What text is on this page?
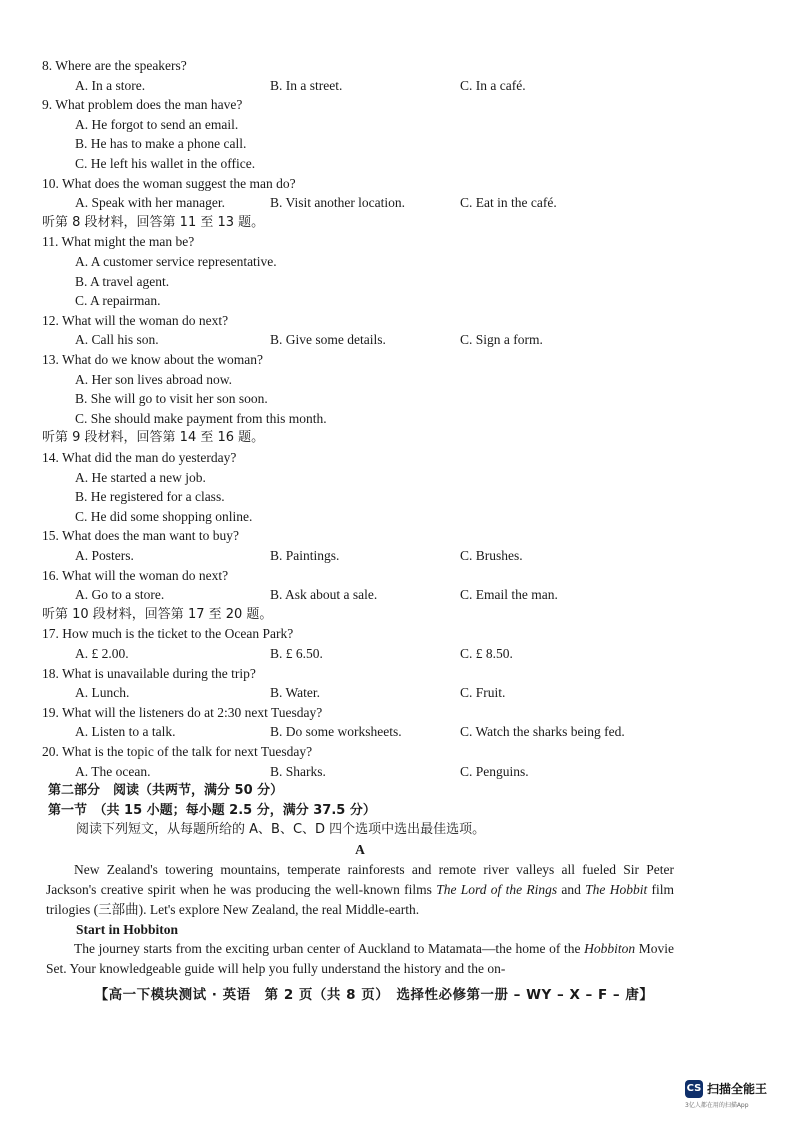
8. Where are the speakers?
A. In a store.	B. In a street.	C. In a café.
9. What problem does the man have?
A. He forgot to send an email.
B. He has to make a phone call.
C. He left his wallet in the office.
10. What does the woman suggest the man do?
A. Speak with her manager.	B. Visit another location.	C. Eat in the café.
听第 8 段材料，回答第 11 至 13 题。
11. What might the man be?
A. A customer service representative.
B. A travel agent.
C. A repairman.
12. What will the woman do next?
A. Call his son.	B. Give some details.	C. Sign a form.
13. What do we know about the woman?
A. Her son lives abroad now.
B. She will go to visit her son soon.
C. She should make payment from this month.
听第 9 段材料，回答第 14 至 16 题。
14. What did the man do yesterday?
A. He started a new job.
B. He registered for a class.
C. He did some shopping online.
15. What does the man want to buy?
A. Posters.	B. Paintings.	C. Brushes.
16. What will the woman do next?
A. Go to a store.	B. Ask about a sale.	C. Email the man.
听第 10 段材料，回答第 17 至 20 题。
17. How much is the ticket to the Ocean Park?
A. £ 2.00.	B. £ 6.50.	C. £ 8.50.
18. What is unavailable during the trip?
A. Lunch.	B. Water.	C. Fruit.
19. What will the listeners do at 2:30 next Tuesday?
A. Listen to a talk.	B. Do some worksheets.	C. Watch the sharks being fed.
20. What is the topic of the talk for next Tuesday?
A. The ocean.	B. Sharks.	C. Penguins.
第二部分　阅读（共两节，满分 50 分）
第一节　（共 15 小题；每小题 2.5 分，满分 37.5 分）
阅读下列短文，从每题所给的 A、B、C、D 四个选项中选出最佳选项。
A

New Zealand's towering mountains, temperate rainforests and remote river valleys all fueled Sir Peter Jackson's creative spirit when he was producing the well-known films The Lord of the Rings and The Hobbit film trilogies (三部曲). Let's explore New Zealand, the real Middle-earth.

Start in Hobbiton

The journey starts from the exciting urban center of Auckland to Matamata—the home of the Hobbiton Movie Set. Your knowledgeable guide will help you fully understand the history and the on-

【高一下模块测试 · 英语　第 2 页（共 8 页）　选择性必修第一册 – WY – X – F – 唐】
CS 扫描全能王
3亿人都在用的扫描App
